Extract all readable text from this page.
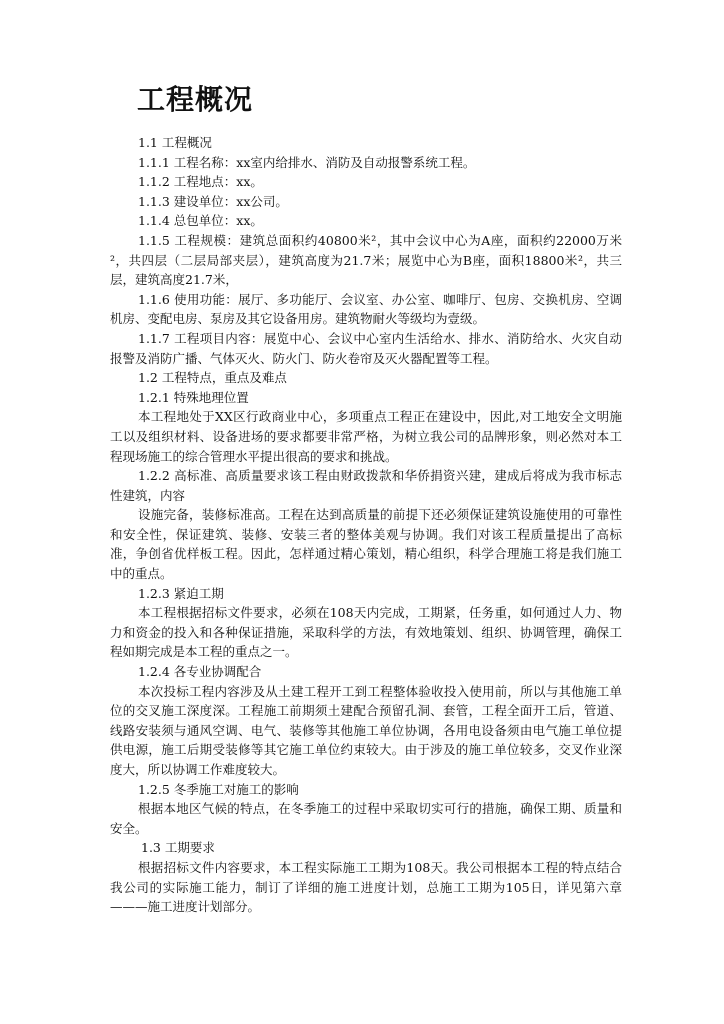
工程概况

1.1 工程概况

1.1.1 工程名称：xx室内给排水、消防及自动报警系统工程。

1.1.2 工程地点：xx。

1.1.3 建设单位：xx公司。

1.1.4 总包单位：xx。

1.1.5 工程规模：建筑总面积约40800米²，其中会议中心为A座，面积约22000万米²，共四层（二层局部夹层），建筑高度为21.7米；展览中心为B座，面积18800米²，共三层，建筑高度21.7米，

1.1.6 使用功能：展厅、多功能厅、会议室、办公室、咖啡厅、包房、交换机房、空调机房、变配电房、泵房及其它设备用房。建筑物耐火等级均为壹级。

1.1.7 工程项目内容：展览中心、会议中心室内生活给水、排水、消防给水、火灾自动报警及消防广播、气体灭火、防火门、防火卷帘及灭火器配置等工程。

1.2 工程特点，重点及难点

1.2.1 特殊地理位置

本工程地处于XX区行政商业中心，多项重点工程正在建设中，因此,对工地安全文明施工以及组织材料、设备进场的要求都要非常严格，为树立我公司的品牌形象，则必然对本工程现场施工的综合管理水平提出很高的要求和挑战。

1.2.2 高标准、高质量要求该工程由财政拨款和华侨捐资兴建，建成后将成为我市标志性建筑，内容

设施完备，装修标准高。工程在达到高质量的前提下还必须保证建筑设施使用的可靠性和安全性，保证建筑、装修、安装三者的整体美观与协调。我们对该工程质量提出了高标准，争创省优样板工程。因此，怎样通过精心策划，精心组织，科学合理施工将是我们施工中的重点。

1.2.3 紧迫工期

本工程根据招标文件要求，必须在108天内完成，工期紧，任务重，如何通过人力、物力和资金的投入和各种保证措施，采取科学的方法，有效地策划、组织、协调管理，确保工程如期完成是本工程的重点之一。

1.2.4 各专业协调配合

本次投标工程内容涉及从土建工程开工到工程整体验收投入使用前，所以与其他施工单位的交叉施工深度深。工程施工前期须土建配合预留孔洞、套管，工程全面开工后，管道、线路安装须与通风空调、电气、装修等其他施工单位协调，各用电设备须由电气施工单位提供电源，施工后期受装修等其它施工单位约束较大。由于涉及的施工单位较多，交叉作业深度大，所以协调工作难度较大。

1.2.5 冬季施工对施工的影响

根据本地区气候的特点，在冬季施工的过程中采取切实可行的措施，确保工期、质量和安全。

1.3 工期要求

根据招标文件内容要求，本工程实际施工工期为108天。我公司根据本工程的特点结合我公司的实际施工能力，制订了详细的施工进度计划，总施工工期为105日，详见第六章———施工进度计划部分。
